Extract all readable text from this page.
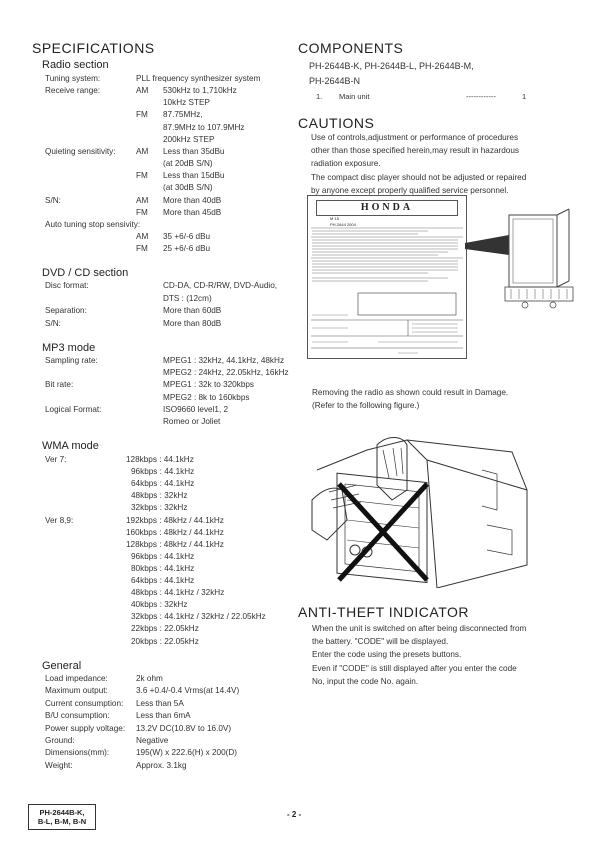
SPECIFICATIONS
Radio section
Tuning system:	PLL frequency synthesizer system
Receive range:	AM 530kHz to 1,710kHz
10kHz STEP
FM 87.75MHz,
87.9MHz to 107.9MHz
200kHz STEP
Quieting sensitivity: AM Less than 35dBu
(at 20dB S/N)
FM Less than 15dBu
(at 30dB S/N)
S/N:	AM More than 40dB
FM More than 45dB
Auto tuning stop sensivity:
AM 35 +6/-6 dBu
FM 25 +6/-6 dBu
DVD / CD section
Disc format:	CD-DA, CD-R/RW, DVD-Audio,
DTS : (12cm)
Separation:	More than 60dB
S/N:	More than 80dB
MP3 mode
Sampling rate:	MPEG1 : 32kHz, 44.1kHz, 48kHz
MPEG2 : 24kHz, 22.05kHz, 16kHz
Bit rate:	MPEG1 : 32k to 320kbps
MPEG2 : 8k to 160kbps
Logical Format:	ISO9660 level1, 2
Romeo or Joliet
WMA mode
Ver 7:	128kbps : 44.1kHz
96kbps : 44.1kHz
64kbps : 44.1kHz
48kbps : 32kHz
32kbps : 32kHz
Ver 8,9:	192kbps : 48kHz / 44.1kHz
160kbps : 48kHz / 44.1kHz
128kbps : 48kHz / 44.1kHz
96kbps : 44.1kHz
80kbps : 44.1kHz
64kbps : 44.1kHz
48kbps : 44.1kHz / 32kHz
40kbps : 32kHz
32kbps : 44.1kHz / 32kHz / 22.05kHz
22kbps : 22.05kHz
20kbps : 22.05kHz
General
Load impedance:	2k ohm
Maximum output:	3.6 +0.4/-0.4 Vrms(at 14.4V)
Current consumption: Less than 5A
B/U consumption:	Less than 6mA
Power supply voltage: 13.2V DC(10.8V to 16.0V)
Ground:	Negative
Dimensions(mm):	195(W) x 222.6(H) x 200(D)
Weight:	Approx. 3.1kg
COMPONENTS
PH-2644B-K, PH-2644B-L, PH-2644B-M,
PH-2644B-N
1. Main unit	------------	1
CAUTIONS
Use of controls,adjustment or performance of procedures
other than those specified herein,may result in hazardous
radiation exposure.
The compact disc player should not be adjusted or repaired
by anyone except properly qualified service personnel.
HONDA
M 15
PH-2644 2004
Removing the radio as shown could result in Damage.
(Refer to the following figure.)
ANTI-THEFT INDICATOR
When the unit is switched on after being disconnected from
the battery. "CODE" will be displayed.
Enter the code using the presets buttons.
Even if "CODE" is still displayed after you enter the code
No, input the code No. again.
PH-2644B-K,
B-L, B-M, B-N
- 2 -
